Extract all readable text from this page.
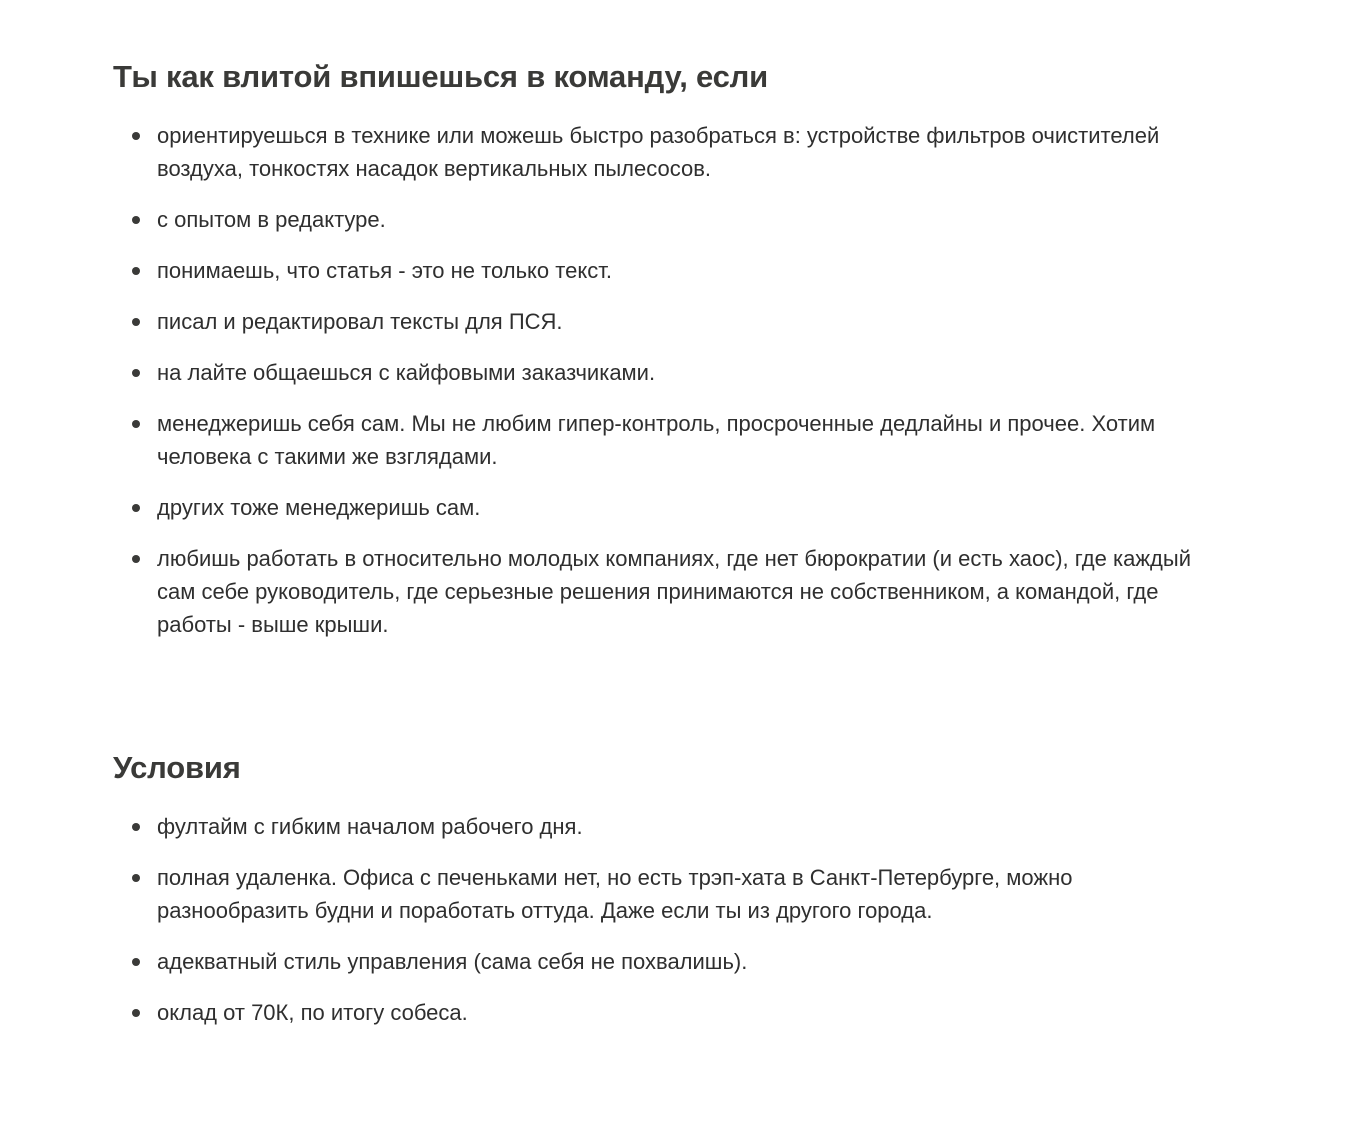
Ты как влитой впишешься в команду, если
ориентируешься в технике или можешь быстро разобраться в: устройстве фильтров очистителей воздуха, тонкостях насадок вертикальных пылесосов.
с опытом в редактуре.
понимаешь, что статья - это не только текст.
писал и редактировал тексты для ПСЯ.
на лайте общаешься с кайфовыми заказчиками.
менеджеришь себя сам. Мы не любим гипер-контроль, просроченные дедлайны и прочее. Хотим человека с такими же взглядами.
других тоже менеджеришь сам.
любишь работать в относительно молодых компаниях, где нет бюрократии (и есть хаос), где каждый сам себе руководитель, где серьезные решения принимаются не собственником, а командой, где работы - выше крыши.
Условия
фултайм с гибким началом рабочего дня.
полная удаленка. Офиса с печеньками нет, но есть трэп-хата в Санкт-Петербурге, можно разнообразить будни и поработать оттуда. Даже если ты из другого города.
адекватный стиль управления (сама себя не похвалишь).
оклад от 70К, по итогу собеса.
